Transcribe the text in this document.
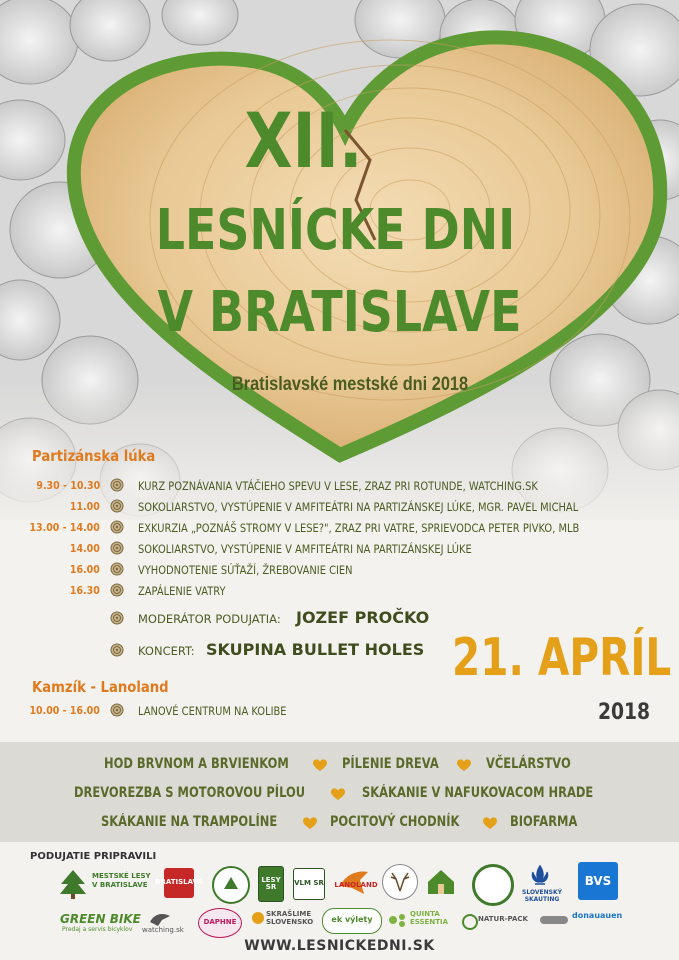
XII.
LESNÍCKE DNI
V BRATISLAVE
Bratislavské mestské dni 2018
Partizánska lúka
9.30 - 10.30	KURZ POZNÁVANIA VTÁČIEHO SPEVU V LESE, ZRAZ PRI ROTUNDE, WATCHING.SK
11.00	SOKOLIARSTVO, VYSTÚPENIE V AMFITEÁTRI NA PARTIZÁNSKEJ LÚKE, MGR. PAVEL MICHAL
13.00 - 14.00	EXKURZIA „POZNÁŠ STROMY V LESE?", ZRAZ PRI VATRE, SPRIEVODCA PETER PIVKO, MLB
14.00	SOKOLIARSTVO, VYSTÚPENIE V AMFITEÁTRI NA PARTIZÁNSKEJ LÚKE
16.00	VYHODNOTENIE SÚŤAŽÍ, ŽREBOVANIE CIEN
16.30	ZAPÁLENIE VATRY
MODERÁTOR PODUJATIA: JOZEF PROČKO
KONCERT: SKUPINA BULLET HOLES 21. APRÍL
2018
Kamzík - Lanoland
10.00 - 16.00	LANOVÉ CENTRUM NA KOLIBE
HOD BRVNOM A BRVIENKOM	PÍLENIE DREVA	VČELÁRSTVO
DREVOREZBA S MOTOROVOU PÍLOU	SKÁKANIE V NAFUKOVACOM HRADE
SKÁKANIE NA TRAMPOLÍNE	POCITOVÝ CHODNÍK	BIOFARMA
PODUJATIE PRIPRAVILI
MESTSKÉ LESY
V BRATISLAVE	BRATISLAVA	LESY SR	VLM SR LANOLAND
SLOVENSKÝ
SKAUTING
BVS
GREEN BIKE
Predaj a servis bicyklov watching.sk
DAPHNE
SKRAŠLIME
SLOVENSKO	ek výlety
QUINTA
ESSENTIA	NATUR-PACK	donauauen
WWW.LESNICKEDNI.SK
